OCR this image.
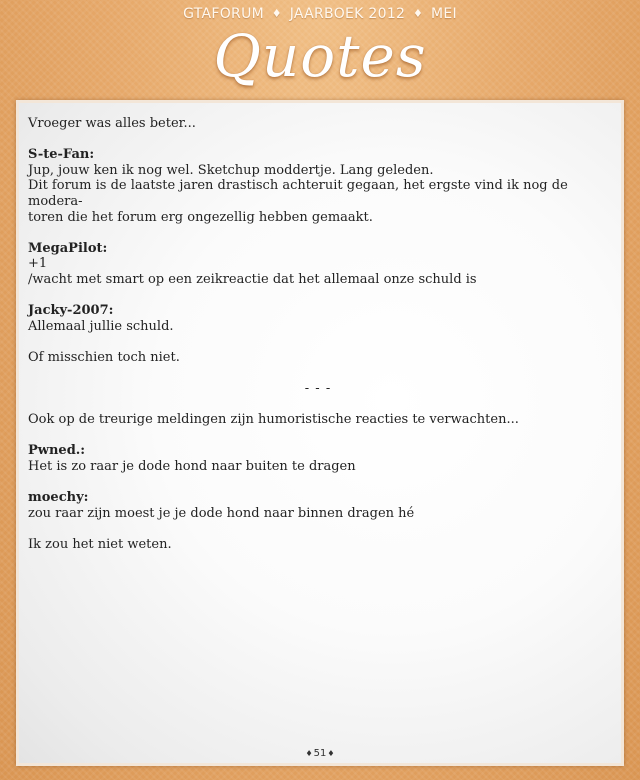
GTAFORUM ♦ JAARBOEK 2012 ♦ MEI
Quotes

Vroeger was alles beter...

S-te-Fan:
Jup, jouw ken ik nog wel. Sketchup moddertje. Lang geleden.
Dit forum is de laatste jaren drastisch achteruit gegaan, het ergste vind ik nog de modera-
toren die het forum erg ongezellig hebben gemaakt.

MegaPilot:
+1
/wacht met smart op een zeikreactie dat het allemaal onze schuld is

Jacky-2007:
Allemaal jullie schuld.

Of misschien toch niet.

- - -

Ook op de treurige meldingen zijn humoristische reacties te verwachten...

Pwned.:
Het is zo raar je dode hond naar buiten te dragen

moechy:
zou raar zijn moest je je dode hond naar binnen dragen hé

Ik zou het niet weten.

♦51♦
